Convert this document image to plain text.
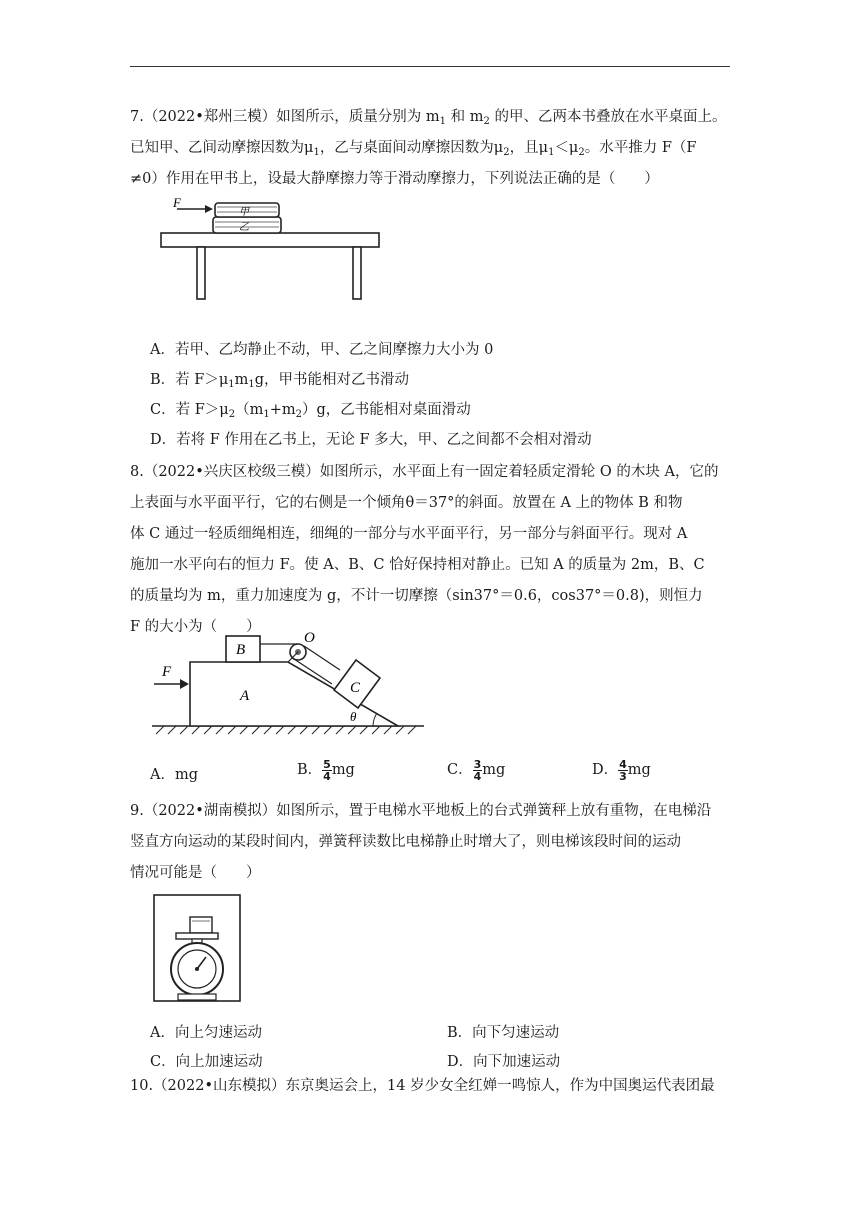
7.（2022•郑州三模）如图所示，质量分别为 $m_1$ 和 $m_2$ 的甲、乙两本书叠放在水平桌面上。

已知甲、乙间动摩擦因数为$\mu_1$，乙与桌面间动摩擦因数为$\mu_2$，且$\mu_1<\mu_2$。水平推力 F（F

≠0）作用在甲书上，设最大静摩擦力等于滑动摩擦力，下列说法正确的是（　　）

F
甲
乙
A．若甲、乙均静止不动，甲、乙之间摩擦力大小为 0
B．若 $F>\mu_1m_1g$，甲书能相对乙书滑动
C．若 $F>\mu_2(m_1+m_2)g$，乙书能相对桌面滑动
D．若将 F 作用在乙书上，无论 F 多大，甲、乙之间都不会相对滑动

8.（2022•兴庆区校级三模）如图所示，水平面上有一固定着轻质定滑轮 O 的木块 A，它的

上表面与水平面平行，它的右侧是一个倾角θ＝37°的斜面。放置在 A 上的物体 B 和物

体 C 通过一轻质细绳相连，细绳的一部分与水平面平行，另一部分与斜面平行。现对 A

施加一水平向右的恒力 F。使 A、B、C 恰好保持相对静止。已知 A 的质量为 2m，B、C

的质量均为 m，重力加速度为 g，不计一切摩擦（sin37°＝0.6，cos37°＝0.8)，则恒力

F 的大小为（　　）

A
B
O
C
θ
F
A．mg	B． $\frac{5}{4}$ mg	C． $\frac{3}{4}$ mg	D． $\frac{4}{3}$ mg

9.（2022•湖南模拟）如图所示，置于电梯水平地板上的台式弹簧秤上放有重物，在电梯沿

竖直方向运动的某段时间内，弹簧秤读数比电梯静止时增大了，则电梯该段时间的运动

情况可能是（　　）

A．向上匀速运动	B．向下匀速运动
C．向上加速运动	D．向下加速运动

10.（2022•山东模拟）东京奥运会上，14 岁少女全红婵一鸣惊人，作为中国奥运代表团最
